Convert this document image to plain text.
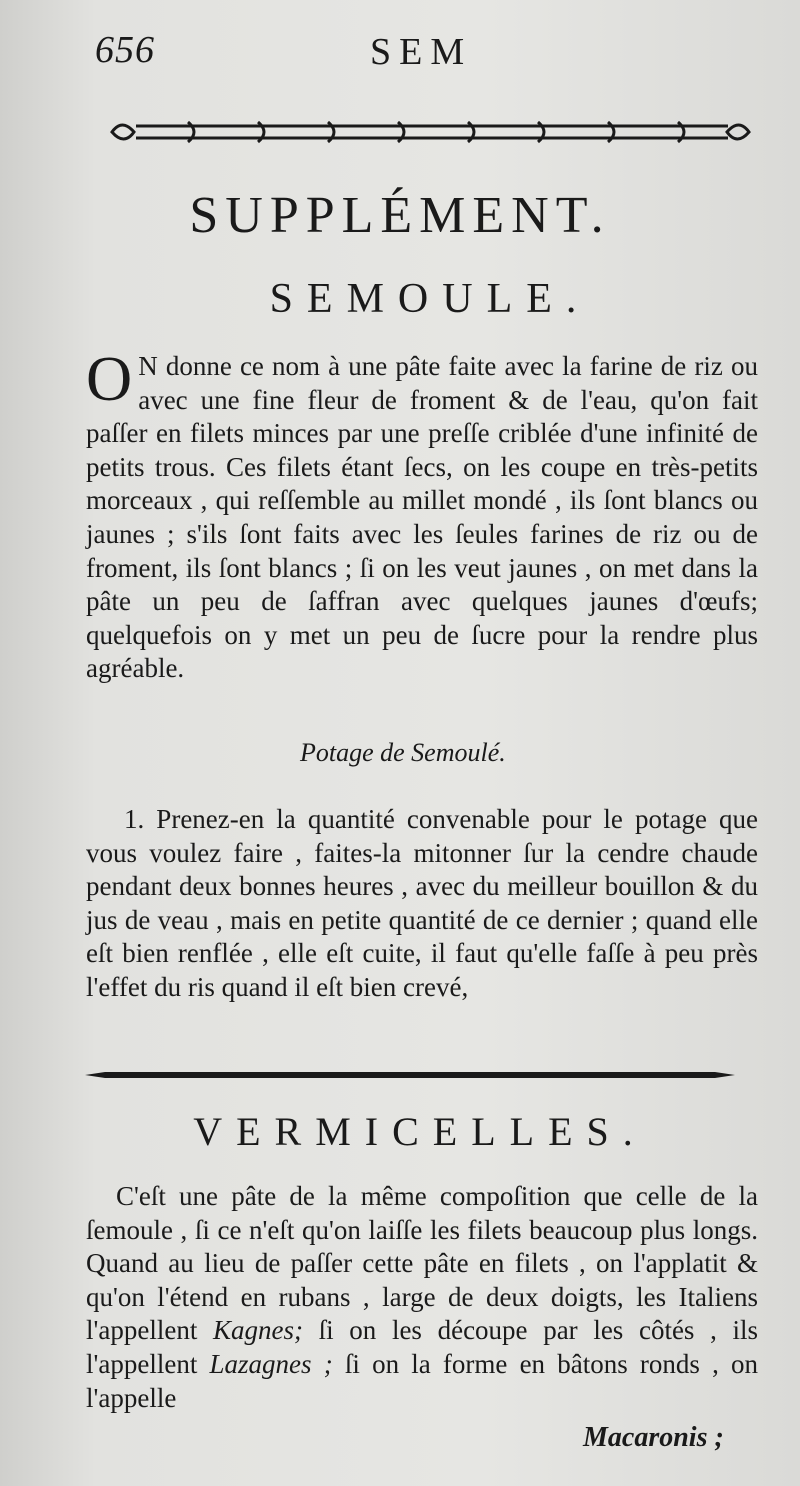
656	SEM
SUPPLÉMENT.
SEMOULE.

O N donne ce nom à une pâte faite avec la farine de riz ou avec une fine fleur de froment & de l'eau, qu'on fait paſſer en filets minces par une preſſe criblée d'une infinité de petits trous. Ces filets étant ſecs, on les coupe en très-petits morceaux , qui reſſemble au millet mondé , ils ſont blancs ou jaunes ; s'ils ſont faits avec les ſeules farines de riz ou de froment, ils ſont blancs ; ſi on les veut jaunes , on met dans la pâte un peu de ſaffran avec quelques jaunes d'œufs; quelquefois on y met un peu de ſucre pour la rendre plus agréable.

Potage de Semoulé.

1. Prenez-en la quantité convenable pour le potage que vous voulez faire , faites-la mitonner ſur la cendre chaude pendant deux bonnes heures , avec du meilleur bouillon & du jus de veau , mais en petite quantité de ce dernier ; quand elle eſt bien renflée , elle eſt cuite, il faut qu'elle faſſe à peu près l'effet du ris quand il eſt bien crevé,

VERMICELLES.

C'eſt une pâte de la même compoſition que celle de la ſemoule , ſi ce n'eſt qu'on laiſſe les filets beaucoup plus longs. Quand au lieu de paſſer cette pâte en filets , on l'applatit & qu'on l'étend en rubans , large de deux doigts, les Italiens l'appellent Kagnes; ſi on les découpe par les côtés , ils l'appellent Lazagnes ; ſi on la forme en bâtons ronds , on l'appelle

Macaronis ;
